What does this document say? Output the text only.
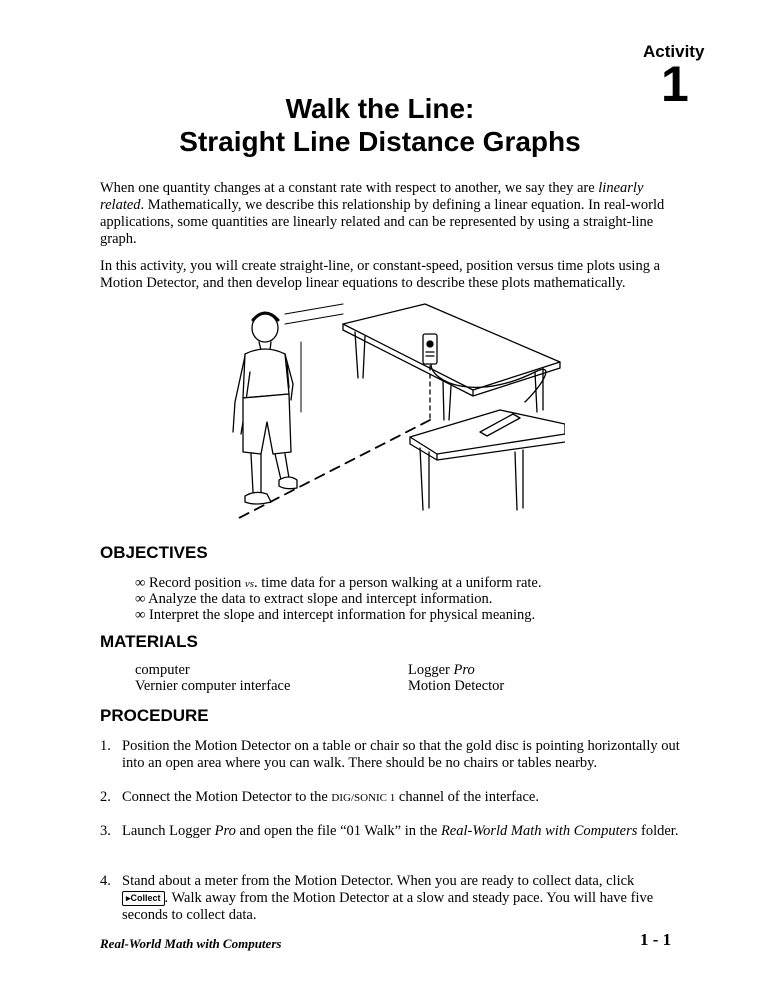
Activity
1
Walk the Line:
Straight Line Distance Graphs
When one quantity changes at a constant rate with respect to another, we say they are linearly related. Mathematically, we describe this relationship by defining a linear equation. In real-world applications, some quantities are linearly related and can be represented by using a straight-line graph.
In this activity, you will create straight-line, or constant-speed, position versus time plots using a Motion Detector, and then develop linear equations to describe these plots mathematically.
OBJECTIVES
∞ Record position vs. time data for a person walking at a uniform rate.
∞ Analyze the data to extract slope and intercept information.
∞ Interpret the slope and intercept information for physical meaning.
MATERIALS
computer
Vernier computer interface
Logger Pro
Motion Detector
PROCEDURE
1. Position the Motion Detector on a table or chair so that the gold disc is pointing horizontally out into an open area where you can walk. There should be no chairs or tables nearby.
2. Connect the Motion Detector to the DIG/SONIC 1 channel of the interface.
3. Launch Logger Pro and open the file “01 Walk” in the Real-World Math with Computers folder.
4. Stand about a meter from the Motion Detector. When you are ready to collect data, click ▸Collect . Walk away from the Motion Detector at a slow and steady pace. You will have five seconds to collect data.
Real-World Math with Computers	1 - 1
